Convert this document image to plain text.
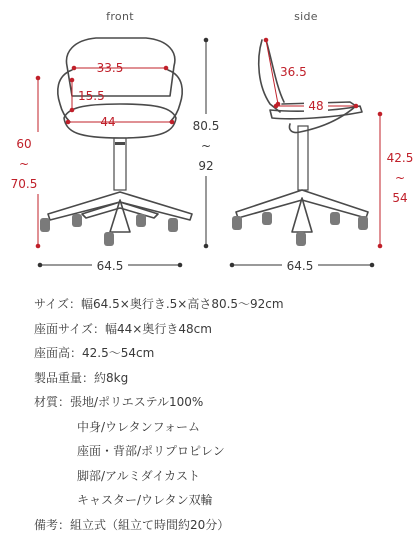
front
33.5
15.5
44
60
~
70.5
64.5
80.5
~
92
side
36.5
48
42.5
~
54
64.5
サイズ：幅64.5×奥行き.5×高さ80.5〜92cm
座面サイズ：幅44×奥行き48cm
座面高：42.5〜54cm
製品重量：約8kg
材質：張地/ポリエステル100%
中身/ウレタンフォーム
座面・背部/ポリプロピレン
脚部/アルミダイカスト
キャスター/ウレタン双輪
備考：組立式（組立て時間約20分）
